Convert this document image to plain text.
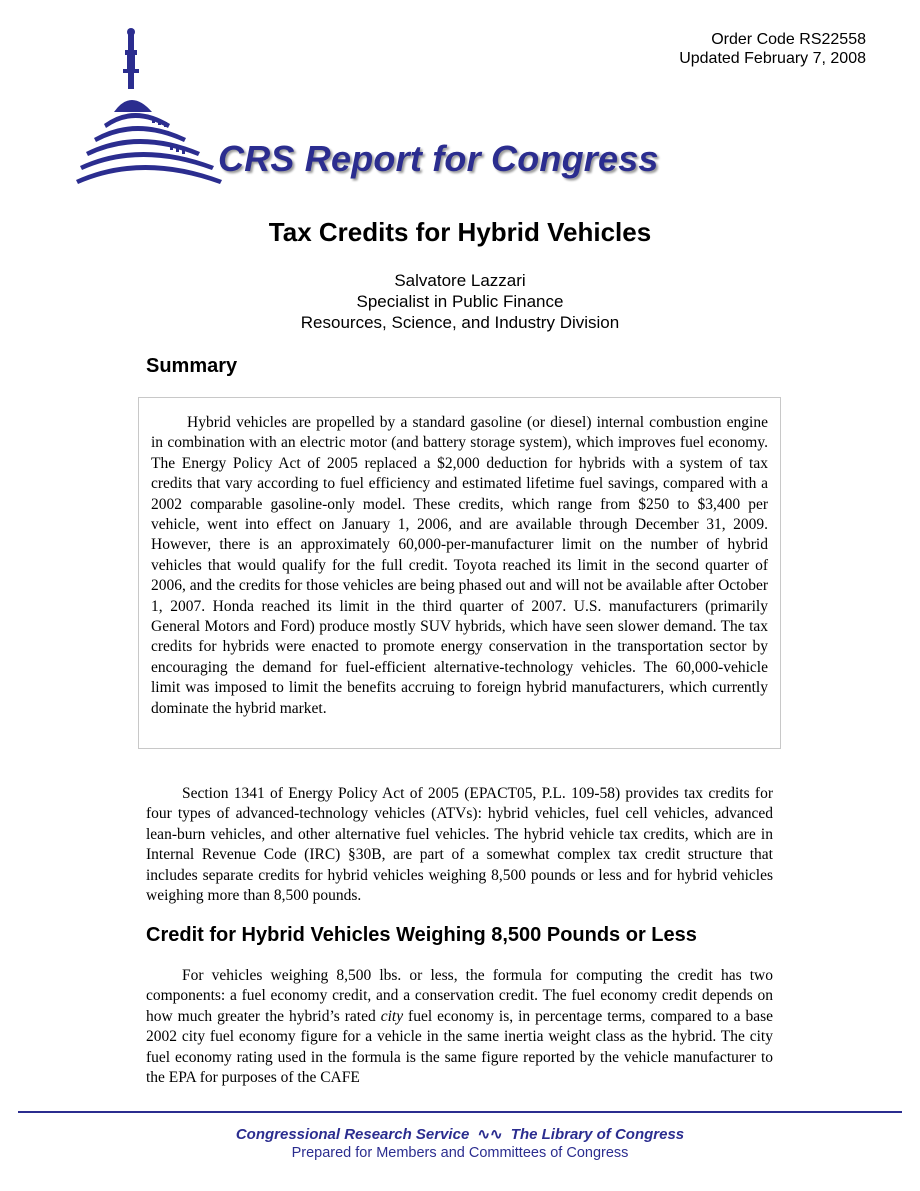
Order Code RS22558
Updated February 7, 2008
CRS Report for Congress
Tax Credits for Hybrid Vehicles
Salvatore Lazzari
Specialist in Public Finance
Resources, Science, and Industry Division
Summary

Hybrid vehicles are propelled by a standard gasoline (or diesel) internal combustion engine in combination with an electric motor (and battery storage system), which improves fuel economy. The Energy Policy Act of 2005 replaced a $2,000 deduction for hybrids with a system of tax credits that vary according to fuel efficiency and estimated lifetime fuel savings, compared with a 2002 comparable gasoline-only model. These credits, which range from $250 to $3,400 per vehicle, went into effect on January 1, 2006, and are available through December 31, 2009. However, there is an approximately 60,000-per-manufacturer limit on the number of hybrid vehicles that would qualify for the full credit. Toyota reached its limit in the second quarter of 2006, and the credits for those vehicles are being phased out and will not be available after October 1, 2007. Honda reached its limit in the third quarter of 2007. U.S. manufacturers (primarily General Motors and Ford) produce mostly SUV hybrids, which have seen slower demand. The tax credits for hybrids were enacted to promote energy conservation in the transportation sector by encouraging the demand for fuel-efficient alternative-technology vehicles. The 60,000-vehicle limit was imposed to limit the benefits accruing to foreign hybrid manufacturers, which currently dominate the hybrid market.

Section 1341 of Energy Policy Act of 2005 (EPACT05, P.L. 109-58) provides tax credits for four types of advanced-technology vehicles (ATVs): hybrid vehicles, fuel cell vehicles, advanced lean-burn vehicles, and other alternative fuel vehicles. The hybrid vehicle tax credits, which are in Internal Revenue Code (IRC) §30B, are part of a somewhat complex tax credit structure that includes separate credits for hybrid vehicles weighing 8,500 pounds or less and for hybrid vehicles weighing more than 8,500 pounds.

Credit for Hybrid Vehicles Weighing 8,500 Pounds or Less

For vehicles weighing 8,500 lbs. or less, the formula for computing the credit has two components: a fuel economy credit, and a conservation credit. The fuel economy credit depends on how much greater the hybrid’s rated city fuel economy is, in percentage terms, compared to a base 2002 city fuel economy figure for a vehicle in the same inertia weight class as the hybrid. The city fuel economy rating used in the formula is the same figure reported by the vehicle manufacturer to the EPA for purposes of the CAFE

Congressional Research Service ∿∿ The Library of Congress
Prepared for Members and Committees of Congress
